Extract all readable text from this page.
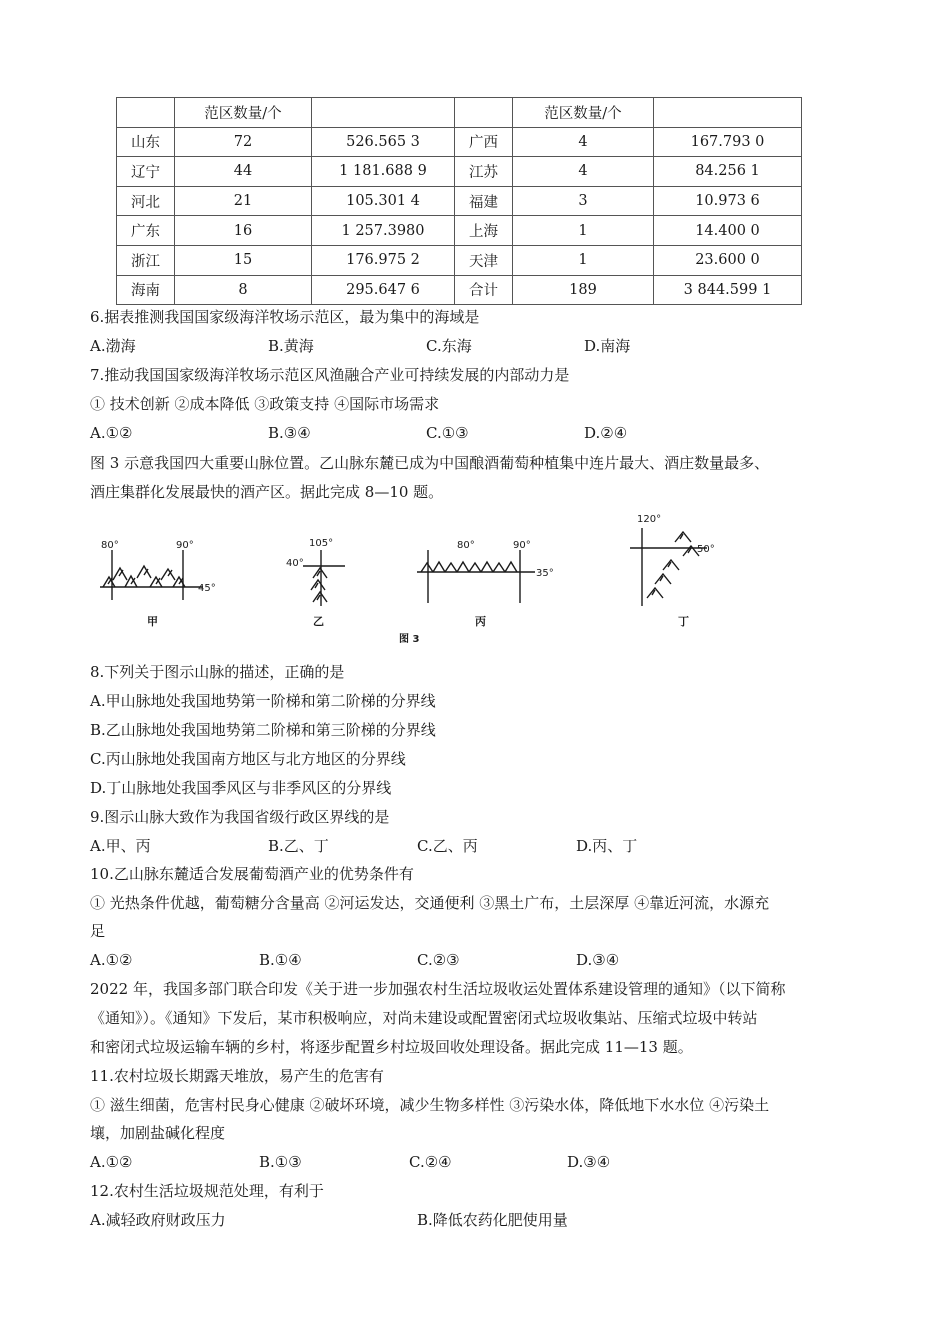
	范区数量/个			范区数量/个	
山东	72	526.565 3	广西	4	167.793 0
辽宁	44	1 181.688 9	江苏	4	84.256 1
河北	21	105.301 4	福建	3	10.973 6
广东	16	1 257.3980	上海	1	14.400 0
浙江	15	176.975 2	天津	1	23.600 0
海南	8	295.647 6	合计	189	3 844.599 1
6.据表推测我国国家级海洋牧场示范区，最为集中的海域是
A.渤海	B.黄海	C.东海	D.南海
7.推动我国国家级海洋牧场示范区风渔融合产业可持续发展的内部动力是
① 技术创新 ②成本降低 ③政策支持 ④国际市场需求
A.①②	B.③④	C.①③	D.②④
图 3 示意我国四大重要山脉位置。乙山脉东麓已成为中国酿酒葡萄种植集中连片最大、酒庄数量最多、
酒庄集群化发展最快的酒产区。据此完成 8—10 题。
80°	90°
45°
105°
40°
80°	90°
35°
120°
50°
甲	乙	丙	丁
图 3
8.下列关于图示山脉的描述，正确的是
A.甲山脉地处我国地势第一阶梯和第二阶梯的分界线
B.乙山脉地处我国地势第二阶梯和第三阶梯的分界线
C.丙山脉地处我国南方地区与北方地区的分界线
D.丁山脉地处我国季风区与非季风区的分界线
9.图示山脉大致作为我国省级行政区界线的是
A.甲、丙	B.乙、丁	C.乙、丙	D.丙、丁
10.乙山脉东麓适合发展葡萄酒产业的优势条件有
① 光热条件优越，葡萄糖分含量高 ②河运发达，交通便利 ③黑土广布，土层深厚 ④靠近河流，水源充
足
A.①②	B.①④	C.②③	D.③④
2022 年，我国多部门联合印发《关于进一步加强农村生活垃圾收运处置体系建设管理的通知》（以下简称
《通知》）。《通知》下发后，某市积极响应，对尚未建设或配置密闭式垃圾收集站、压缩式垃圾中转站
和密闭式垃圾运输车辆的乡村，将逐步配置乡村垃圾回收处理设备。据此完成 11—13 题。
11.农村垃圾长期露天堆放，易产生的危害有
① 滋生细菌，危害村民身心健康 ②破坏环境，减少生物多样性 ③污染水体，降低地下水水位 ④污染土
壤，加剧盐碱化程度
A.①②	B.①③	C.②④	D.③④
12.农村生活垃圾规范处理，有利于
A.减轻政府财政压力	B.降低农药化肥使用量
